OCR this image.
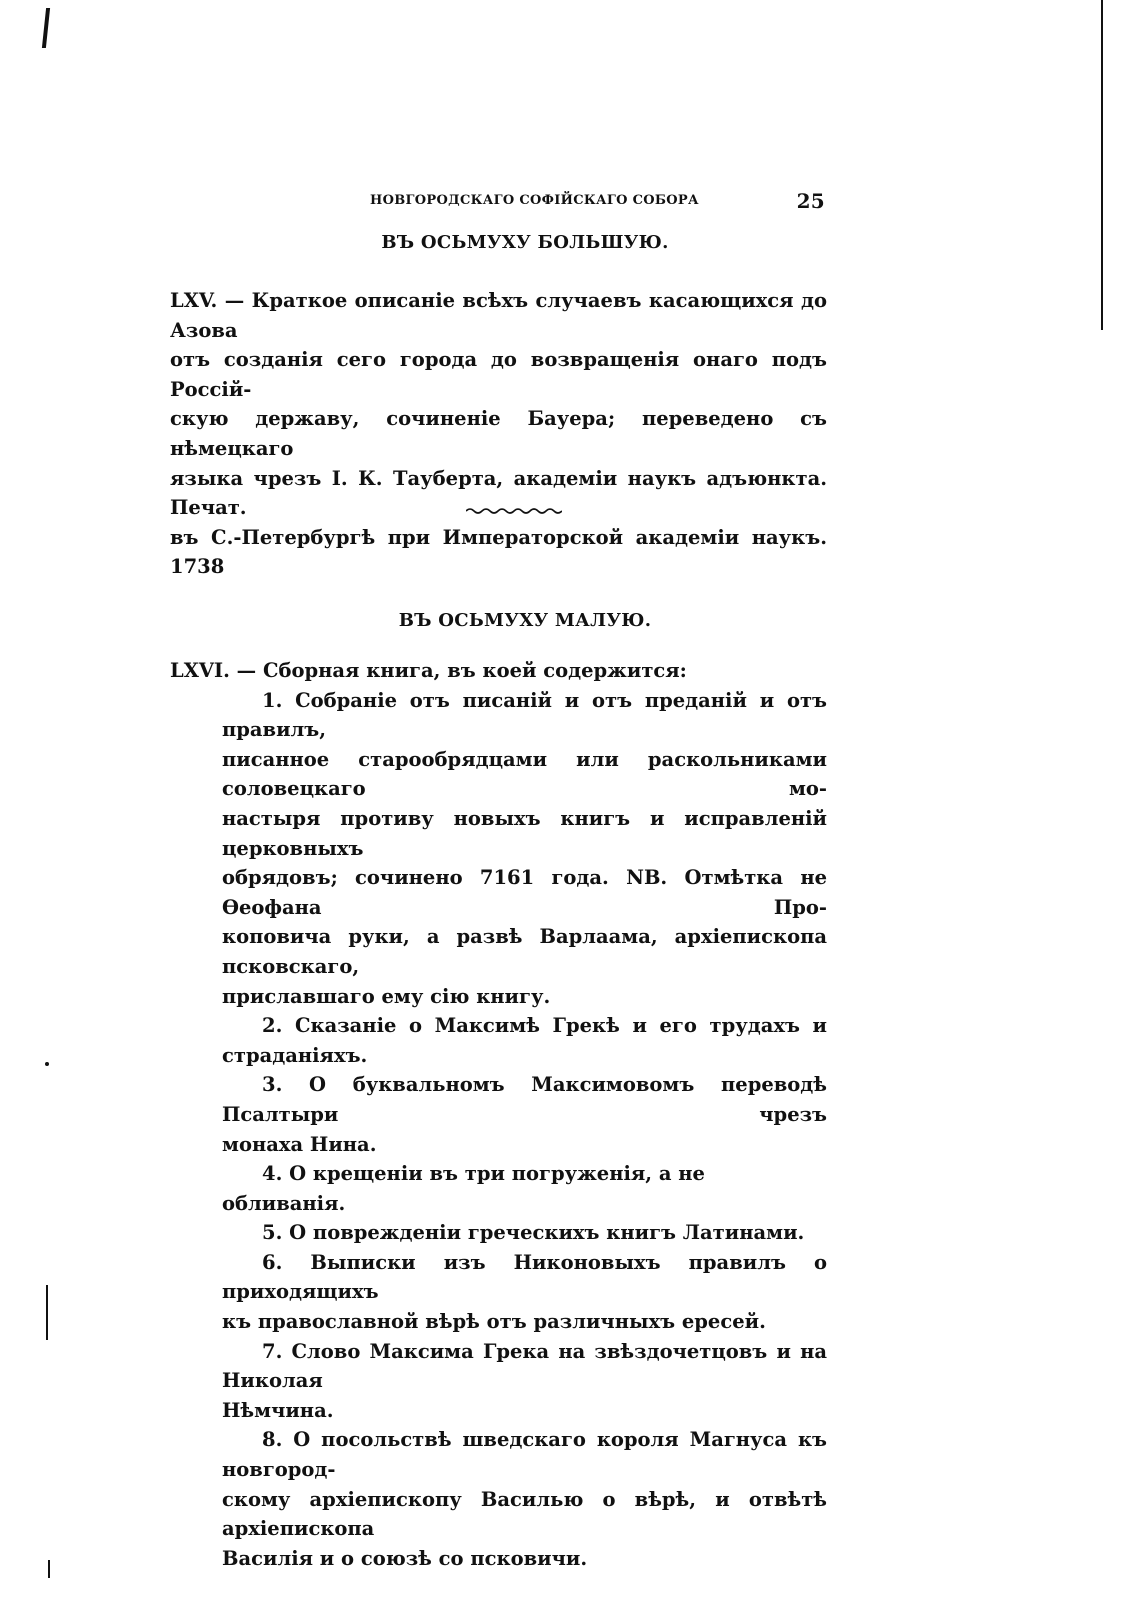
НОВГОРОДСКАГО СОФІЙСКАГО СОБОРА	25
ВЪ ОСЬМУХУ БОЛЬШУЮ.

LXV. — Краткое описаніе всѣхъ случаевъ касающихся до Азова

отъ созданія сего города до возвращенія онаго подъ Россій-

скую державу, сочиненіе Бауера; переведено съ нѣмецкаго

языка чрезъ І. К. Тауберта, академіи наукъ адъюнкта. Печат.

въ С.-Петербургѣ при Императорской академіи наукъ. 1738

ВЪ ОСЬМУХУ МАЛУЮ.

LXVI. — Сборная книга, въ коей содержится:

1. Собраніе отъ писаній и отъ преданій и отъ правилъ,

писанное старообрядцами или раскольниками соловецкаго мо-

настыря противу новыхъ книгъ и исправленій церковныхъ

обрядовъ; сочинено 7161 года. NB. Отмѣтка не Ѳеофана Про-

коповича руки, а развѣ Варлаама, архіепископа псковскаго,

приславшаго ему сію книгу.

2. Сказаніе о Максимѣ Грекѣ и его трудахъ и страданіяхъ.

3. О буквальномъ Максимовомъ переводѣ Псалтыри чрезъ

монаха Нина.

4. О крещеніи въ три погруженія, а не обливанія.

5. О поврежденіи греческихъ книгъ Латинами.

6. Выписки изъ Никоновыхъ правилъ о приходящихъ

къ православной вѣрѣ отъ различныхъ ересей.

7. Слово Максима Грека на звѣздочетцовъ и на Николая

Нѣмчина.

8. О посольствѣ шведскаго короля Магнуса къ новгород-

скому архіепископу Василью о вѣрѣ, и отвѣтѣ архіепископа

Василія и о союзѣ со псковичи.
